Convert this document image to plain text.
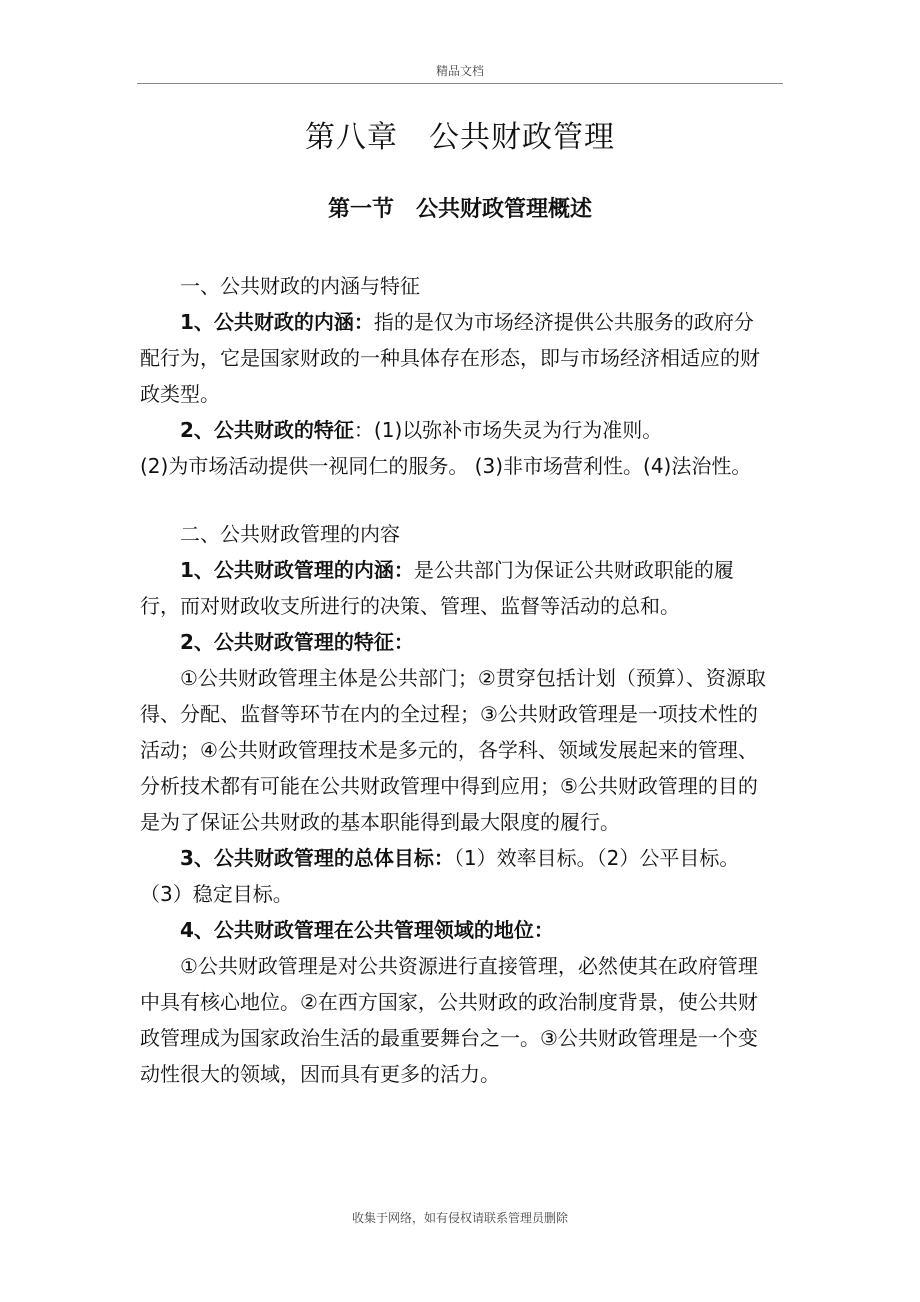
精品文档
第八章　公共财政管理
第一节　公共财政管理概述

一、公共财政的内涵与特征

1、公共财政的内涵：指的是仅为市场经济提供公共服务的政府分配行为，它是国家财政的一种具体存在形态，即与市场经济相适应的财政类型。

2、公共财政的特征：(1)以弥补市场失灵为行为准则。

(2)为市场活动提供一视同仁的服务。 (3)非市场营利性。(4)法治性。

二、公共财政管理的内容

1、公共财政管理的内涵：是公共部门为保证公共财政职能的履行，而对财政收支所进行的决策、管理、监督等活动的总和。

2、公共财政管理的特征：

①公共财政管理主体是公共部门；②贯穿包括计划（预算）、资源取得、分配、监督等环节在内的全过程；③公共财政管理是一项技术性的活动；④公共财政管理技术是多元的，各学科、领域发展起来的管理、分析技术都有可能在公共财政管理中得到应用；⑤公共财政管理的目的是为了保证公共财政的基本职能得到最大限度的履行。

3、公共财政管理的总体目标：（1）效率目标。（2）公平目标。（3）稳定目标。

4、公共财政管理在公共管理领域的地位：

①公共财政管理是对公共资源进行直接管理，必然使其在政府管理中具有核心地位。②在西方国家，公共财政的政治制度背景，使公共财政管理成为国家政治生活的最重要舞台之一。③公共财政管理是一个变动性很大的领域，因而具有更多的活力。

收集于网络，如有侵权请联系管理员删除
